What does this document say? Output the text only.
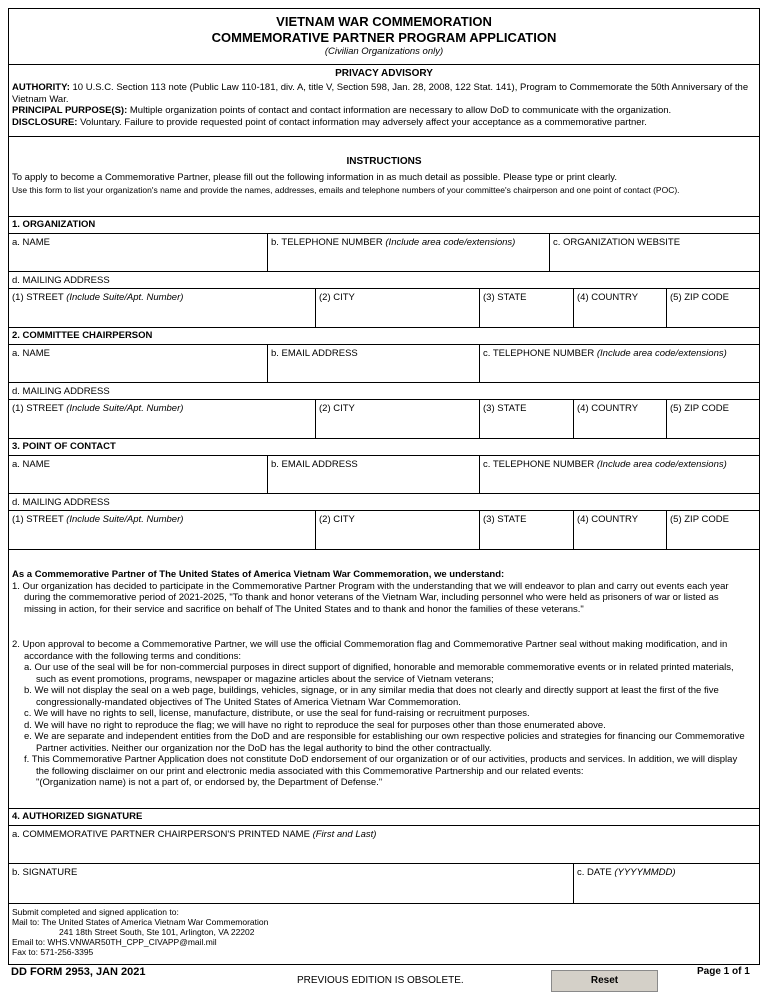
VIETNAM WAR COMMEMORATION
COMMEMORATIVE PARTNER PROGRAM APPLICATION
(Civilian Organizations only)
PRIVACY ADVISORY
AUTHORITY: 10 U.S.C. Section 113 note (Public Law 110-181, div. A, title V, Section 598, Jan. 28, 2008, 122 Stat. 141), Program to Commemorate the 50th Anniversary of the Vietnam War.
PRINCIPAL PURPOSE(S): Multiple organization points of contact and contact information are necessary to allow DoD to communicate with the organization.
DISCLOSURE: Voluntary. Failure to provide requested point of contact information may adversely affect your acceptance as a commemorative partner.
INSTRUCTIONS
To apply to become a Commemorative Partner, please fill out the following information in as much detail as possible. Please type or print clearly.
Use this form to list your organization's name and provide the names, addresses, emails and telephone numbers of your committee's chairperson and one point of contact (POC).
1. ORGANIZATION
a. NAME	b. TELEPHONE NUMBER (Include area code/extensions)	c. ORGANIZATION WEBSITE
d. MAILING ADDRESS
(1) STREET (Include Suite/Apt. Number)	(2) CITY	(3) STATE	(4) COUNTRY	(5) ZIP CODE
2. COMMITTEE CHAIRPERSON
a. NAME	b. EMAIL ADDRESS	c. TELEPHONE NUMBER (Include area code/extensions)
d. MAILING ADDRESS
(1) STREET (Include Suite/Apt. Number)	(2) CITY	(3) STATE	(4) COUNTRY	(5) ZIP CODE
3. POINT OF CONTACT
a. NAME	b. EMAIL ADDRESS	c. TELEPHONE NUMBER (Include area code/extensions)
d. MAILING ADDRESS
(1) STREET (Include Suite/Apt. Number)	(2) CITY	(3) STATE	(4) COUNTRY	(5) ZIP CODE

As a Commemorative Partner of The United States of America Vietnam War Commemoration, we understand:

1. Our organization has decided to participate in the Commemorative Partner Program with the understanding that we will endeavor to plan and carry out events each year during the commemorative period of 2021-2025, "To thank and honor veterans of the Vietnam War, including personnel who were held as prisoners of war or listed as missing in action, for their service and sacrifice on behalf of The United States and to thank and honor the families of these veterans."

2. Upon approval to become a Commemorative Partner, we will use the official Commemoration flag and Commemorative Partner seal without making modification, and in accordance with the following terms and conditions:

a. Our use of the seal will be for non-commercial purposes in direct support of dignified, honorable and memorable commemorative events or in related printed materials, such as event promotions, programs, newspaper or magazine articles about the service of Vietnam veterans;

b. We will not display the seal on a web page, buildings, vehicles, signage, or in any similar media that does not clearly and directly support at least the first of the five congressionally-mandated objectives of The United States of America Vietnam War Commemoration.

c. We will have no rights to sell, license, manufacture, distribute, or use the seal for fund-raising or recruitment purposes.

d. We will have no right to reproduce the flag; we will have no right to reproduce the seal for purposes other than those enumerated above.

e. We are separate and independent entities from the DoD and are responsible for establishing our own respective policies and strategies for financing our Commemorative Partner activities. Neither our organization nor the DoD has the legal authority to bind the other contractually.

f. This Commemorative Partner Application does not constitute DoD endorsement of our organization or of our activities, products and services. In addition, we will display the following disclaimer on our print and electronic media associated with this Commemorative Partnership and our related events:

"(Organization name) is not a part of, or endorsed by, the Department of Defense."

4. AUTHORIZED SIGNATURE
a. COMMEMORATIVE PARTNER CHAIRPERSON'S PRINTED NAME (First and Last)
b. SIGNATURE	c. DATE (YYYYMMDD)
Submit completed and signed application to:
Mail to: The United States of America Vietnam War Commemoration
241 18th Street South, Ste 101, Arlington, VA 22202
Email to: WHS.VNWAR50TH_CPP_CIVAPP@mail.mil
Fax to: 571-256-3395
DD FORM 2953, JAN 2021
PREVIOUS EDITION IS OBSOLETE.	Reset
Page 1 of 1
